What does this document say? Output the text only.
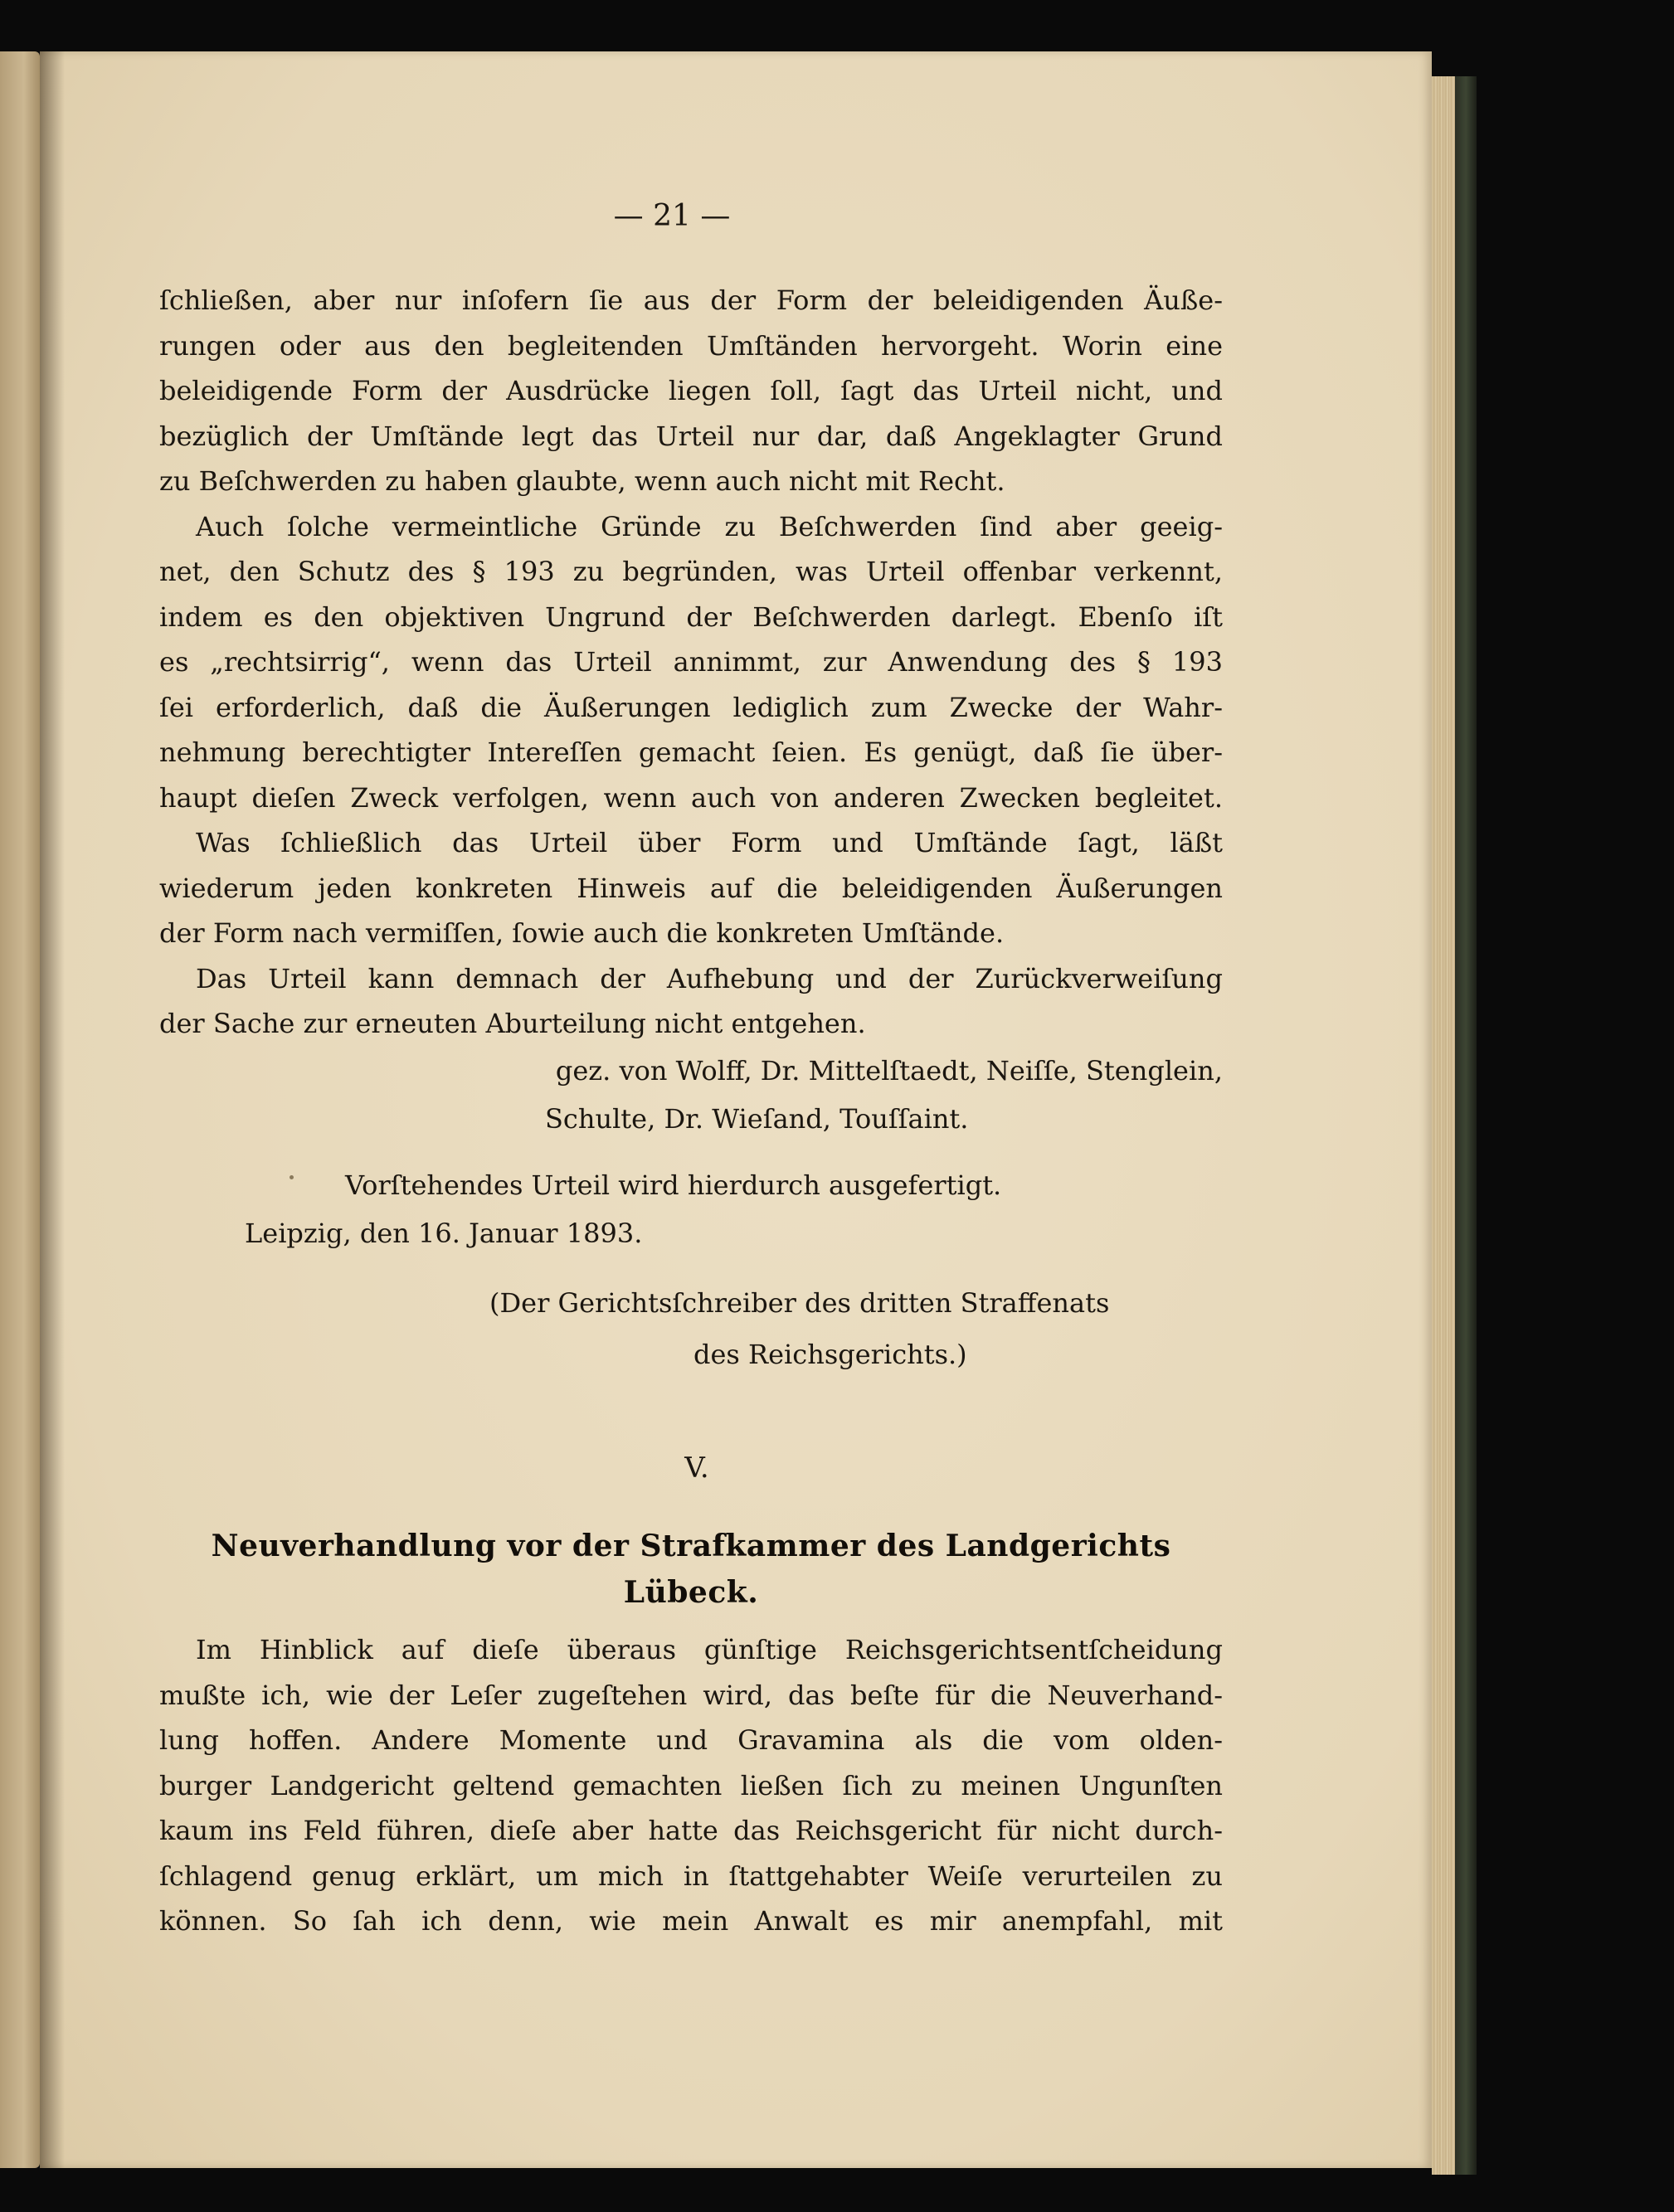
— 21 —
ſchließen, aber nur inſofern ſie aus der Form der beleidigenden Äuße-
rungen oder aus den begleitenden Umſtänden hervorgeht. Worin eine
beleidigende Form der Ausdrücke liegen ſoll, ſagt das Urteil nicht, und
bezüglich der Umſtände legt das Urteil nur dar, daß Angeklagter Grund
zu Beſchwerden zu haben glaubte, wenn auch nicht mit Recht.
Auch ſolche vermeintliche Gründe zu Beſchwerden ſind aber geeig-
net, den Schutz des § 193 zu begründen, was Urteil offenbar verkennt,
indem es den objektiven Ungrund der Beſchwerden darlegt. Ebenſo iſt
es „rechtsirrig“, wenn das Urteil annimmt, zur Anwendung des § 193
ſei erforderlich, daß die Äußerungen lediglich zum Zwecke der Wahr-
nehmung berechtigter Intereſſen gemacht ſeien. Es genügt, daß ſie über-
haupt dieſen Zweck verfolgen, wenn auch von anderen Zwecken begleitet.
Was ſchließlich das Urteil über Form und Umſtände ſagt, läßt
wiederum jeden konkreten Hinweis auf die beleidigenden Äußerungen
der Form nach vermiſſen, ſowie auch die konkreten Umſtände.
Das Urteil kann demnach der Aufhebung und der Zurückverweiſung
der Sache zur erneuten Aburteilung nicht entgehen.
gez. von Wolff, Dr. Mittelſtaedt, Neiſſe, Stenglein,
Schulte, Dr. Wieſand, Touſſaint.
Vorſtehendes Urteil wird hierdurch ausgefertigt.
Leipzig, den 16. Januar 1893.
(Der Gerichtsſchreiber des dritten Straffenats
des Reichsgerichts.)
V.
Neuverhandlung vor der Strafkammer des Landgerichts
Lübeck.
Im Hinblick auf dieſe überaus günſtige Reichsgerichtsentſcheidung
mußte ich, wie der Leſer zugeſtehen wird, das beſte für die Neuverhand-
lung hoffen. Andere Momente und Gravamina als die vom olden-
burger Landgericht geltend gemachten ließen ſich zu meinen Ungunſten
kaum ins Feld führen, dieſe aber hatte das Reichsgericht für nicht durch-
ſchlagend genug erklärt, um mich in ſtattgehabter Weiſe verurteilen zu
können. So ſah ich denn, wie mein Anwalt es mir anempfahl, mit
